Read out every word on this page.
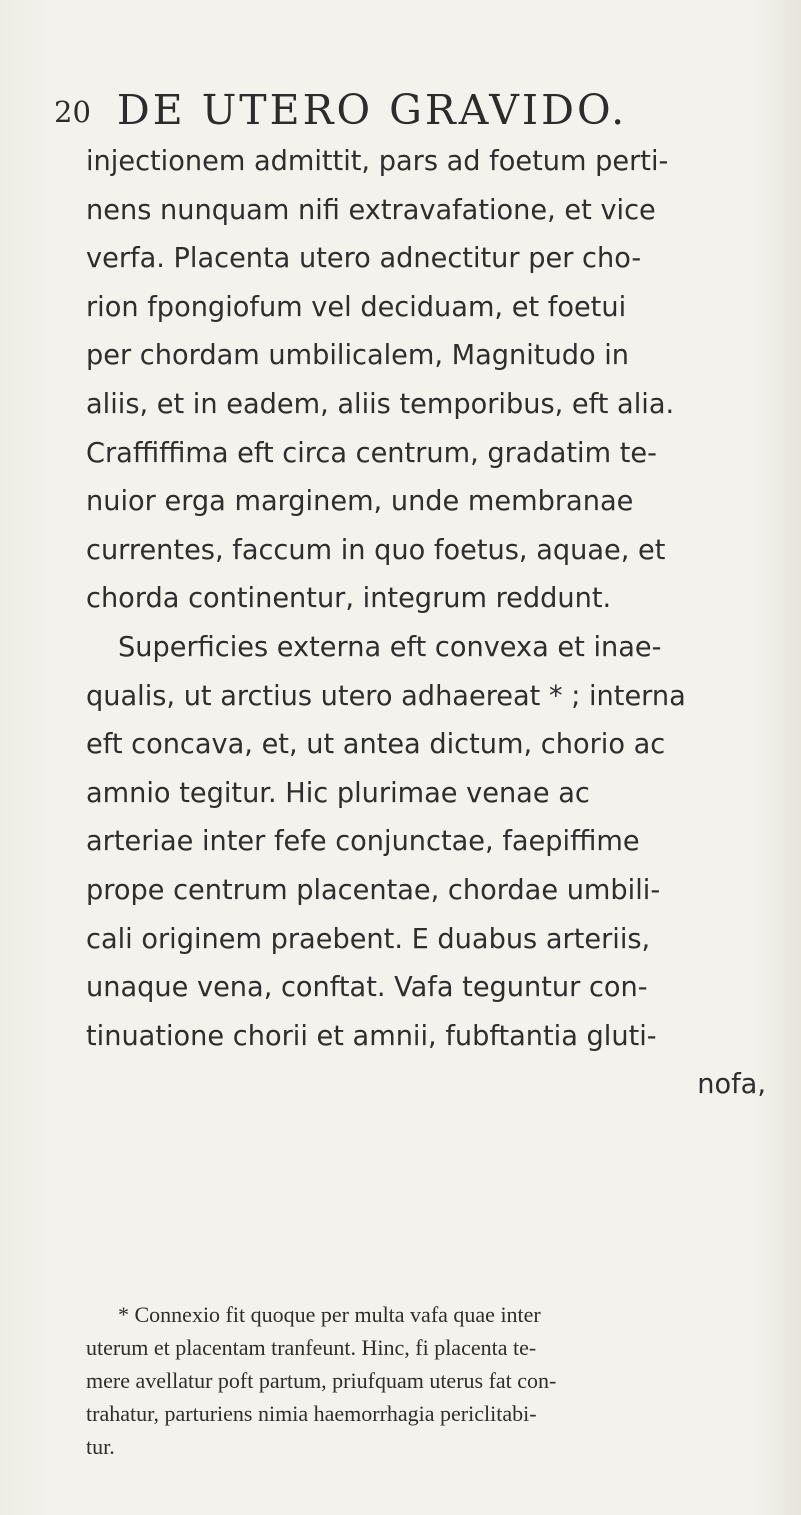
20 DE UTERO GRAVIDO.
injectionem admittit, pars ad foetum perti-
nens nunquam nifi extravafatione, et vice
verfa. Placenta utero adnectitur per cho-
rion fpongiofum vel deciduam, et foetui
per chordam umbilicalem, Magnitudo in
aliis, et in eadem, aliis temporibus, eft alia.
Craffiffima eft circa centrum, gradatim te-
nuior erga marginem, unde membranae
currentes, faccum in quo foetus, aquae, et
chorda continentur, integrum reddunt.
Superficies externa eft convexa et inae-
qualis, ut arctius utero adhaereat * ; interna
eft concava, et, ut antea dictum, chorio ac
amnio tegitur. Hic plurimae venae ac
arteriae inter fefe conjunctae, faepiffime
prope centrum placentae, chordae umbili-
cali originem praebent. E duabus arteriis,
unaque vena, conftat. Vafa teguntur con-
tinuatione chorii et amnii, fubftantia gluti-
nofa,
* Connexio fit quoque per multa vafa quae inter
uterum et placentam tranfeunt. Hinc, fi placenta te-
mere avellatur poft partum, priufquam uterus fat con-
trahatur, parturiens nimia haemorrhagia periclitabi-
tur.
